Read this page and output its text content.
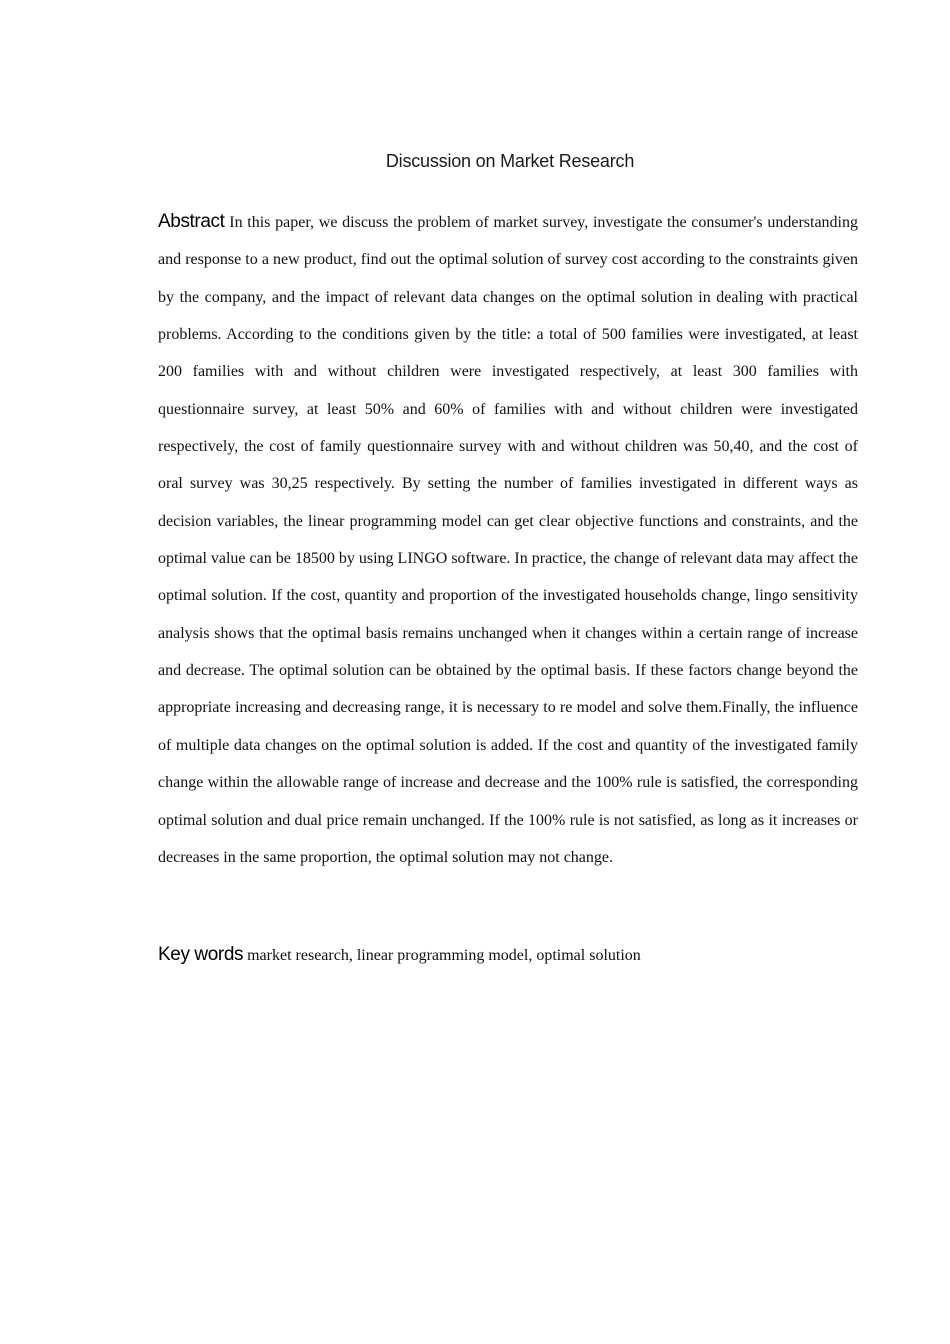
Discussion on Market Research

Abstract In this paper, we discuss the problem of market survey, investigate the consumer's understanding and response to a new product, find out the optimal solution of survey cost according to the constraints given by the company, and the impact of relevant data changes on the optimal solution in dealing with practical problems. According to the conditions given by the title: a total of 500 families were investigated, at least 200 families with and without children were investigated respectively, at least 300 families with questionnaire survey, at least 50% and 60% of families with and without children were investigated respectively, the cost of family questionnaire survey with and without children was 50,40, and the cost of oral survey was 30,25 respectively. By setting the number of families investigated in different ways as decision variables, the linear programming model can get clear objective functions and constraints, and the optimal value can be 18500 by using LINGO software. In practice, the change of relevant data may affect the optimal solution. If the cost, quantity and proportion of the investigated households change, lingo sensitivity analysis shows that the optimal basis remains unchanged when it changes within a certain range of increase and decrease. The optimal solution can be obtained by the optimal basis. If these factors change beyond the appropriate increasing and decreasing range, it is necessary to re model and solve them.Finally, the influence of multiple data changes on the optimal solution is added. If the cost and quantity of the investigated family change within the allowable range of increase and decrease and the 100% rule is satisfied, the corresponding optimal solution and dual price remain unchanged. If the 100% rule is not satisfied, as long as it increases or decreases in the same proportion, the optimal solution may not change.

Key words market research, linear programming model, optimal solution
